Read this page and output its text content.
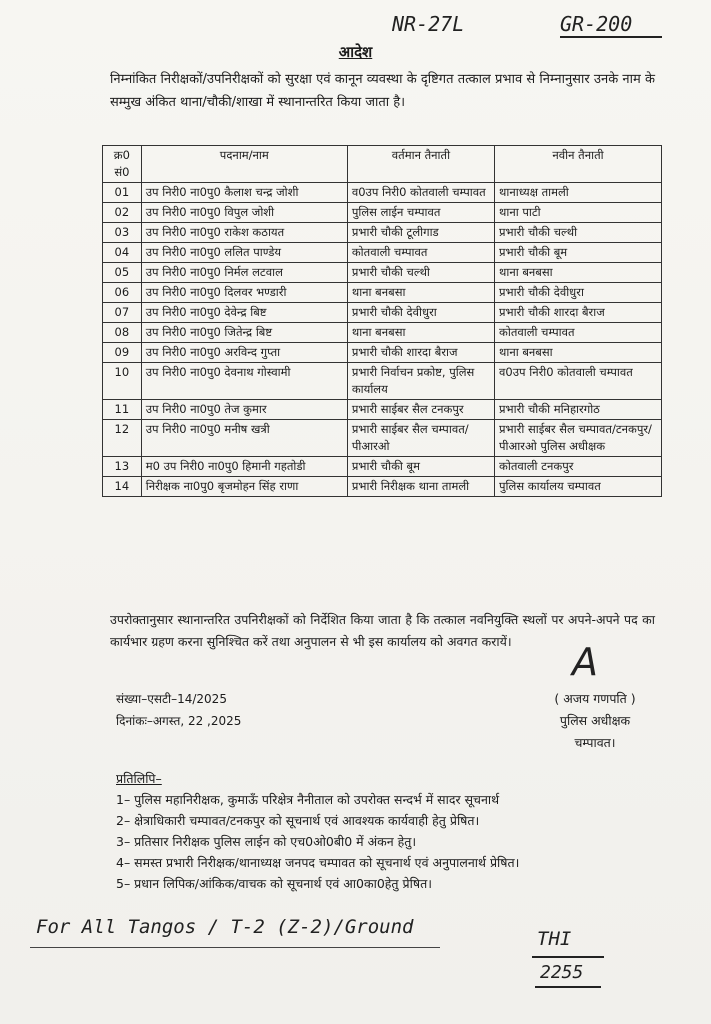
NR-27L	GR-200
आदेश
निम्नांकित निरीक्षकों/उपनिरीक्षकों को सुरक्षा एवं कानून व्यवस्था के दृष्टिगत तत्काल प्रभाव से निम्नानुसार उनके नाम के सम्मुख अंकित थाना/चौकी/शाखा में स्थानान्तरित किया जाता है।
क्र0 सं0	पदनाम/नाम	वर्तमान तैनाती	नवीन तैनाती
01	उप निरी0 ना0पु0 कैलाश चन्द्र जोशी	व0उप निरी0 कोतवाली चम्पावत	थानाध्यक्ष तामली
02	उप निरी0 ना0पु0 विपुल जोशी	पुलिस लाईन चम्पावत	थाना पाटी
03	उप निरी0 ना0पु0 राकेश कठायत	प्रभारी चौकी टूलीगाड	प्रभारी चौकी चल्थी
04	उप निरी0 ना0पु0 ललित पाण्डेय	कोतवाली चम्पावत	प्रभारी चौकी बूम
05	उप निरी0 ना0पु0 निर्मल लटवाल	प्रभारी चौकी चल्थी	थाना बनबसा
06	उप निरी0 ना0पु0 दिलवर भण्डारी	थाना बनबसा	प्रभारी चौकी देवीधुरा
07	उप निरी0 ना0पु0 देवेन्द्र बिष्ट	प्रभारी चौकी देवीधुरा	प्रभारी चौकी शारदा बैराज
08	उप निरी0 ना0पु0 जितेन्द्र बिष्ट	थाना बनबसा	कोतवाली चम्पावत
09	उप निरी0 ना0पु0 अरविन्द गुप्ता	प्रभारी चौकी शारदा बैराज	थाना बनबसा
10	उप निरी0 ना0पु0 देवनाथ गोस्वामी	प्रभारी निर्वाचन प्रकोष्ट, पुलिस कार्यालय	व0उप निरी0 कोतवाली चम्पावत
11	उप निरी0 ना0पु0 तेज कुमार	प्रभारी साईबर सैल टनकपुर	प्रभारी चौकी मनिहारगोठ
12	उप निरी0 ना0पु0 मनीष खत्री	प्रभारी साईबर सैल चम्पावत/पीआरओ	प्रभारी साईबर सैल चम्पावत/टनकपुर/ पीआरओ पुलिस अधीक्षक
13	म0 उप निरी0 ना0पु0 हिमानी गहतोडी	प्रभारी चौकी बूम	कोतवाली टनकपुर
14	निरीक्षक ना0पु0 बृजमोहन सिंह राणा	प्रभारी निरीक्षक थाना तामली	पुलिस कार्यालय चम्पावत
उपरोक्तानुसार स्थानान्तरित उपनिरीक्षकों को निर्देशित किया जाता है कि तत्काल नवनियुक्ति स्थलों पर अपने-अपने पद का कार्यभार ग्रहण करना सुनिश्चित करें तथा अनुपालन से भी इस कार्यालय को अवगत करायें।
संख्या–एसटी–14/2025
दिनांकः–अगस्त, 22 ,2025
A
( अजय गणपति )
पुलिस अधीक्षक
चम्पावत।
प्रतिलिपि–
1– पुलिस महानिरीक्षक, कुमाऊँ परिक्षेत्र नैनीताल को उपरोक्त सन्दर्भ में सादर सूचनार्थ
2– क्षेत्राधिकारी चम्पावत/टनकपुर को सूचनार्थ एवं आवश्यक कार्यवाही हेतु प्रेषित।
3– प्रतिसार निरीक्षक पुलिस लाईन को एच0ओ0बी0 में अंकन हेतु।
4– समस्त प्रभारी निरीक्षक/थानाध्यक्ष जनपद चम्पावत को सूचनार्थ एवं अनुपालनार्थ प्रेषित।
5– प्रधान लिपिक/आंकिक/वाचक को सूचनार्थ एवं आ0का0हेतु प्रेषित।
For All Tangos / T-2 (Z-2)/Ground
THI
2255
